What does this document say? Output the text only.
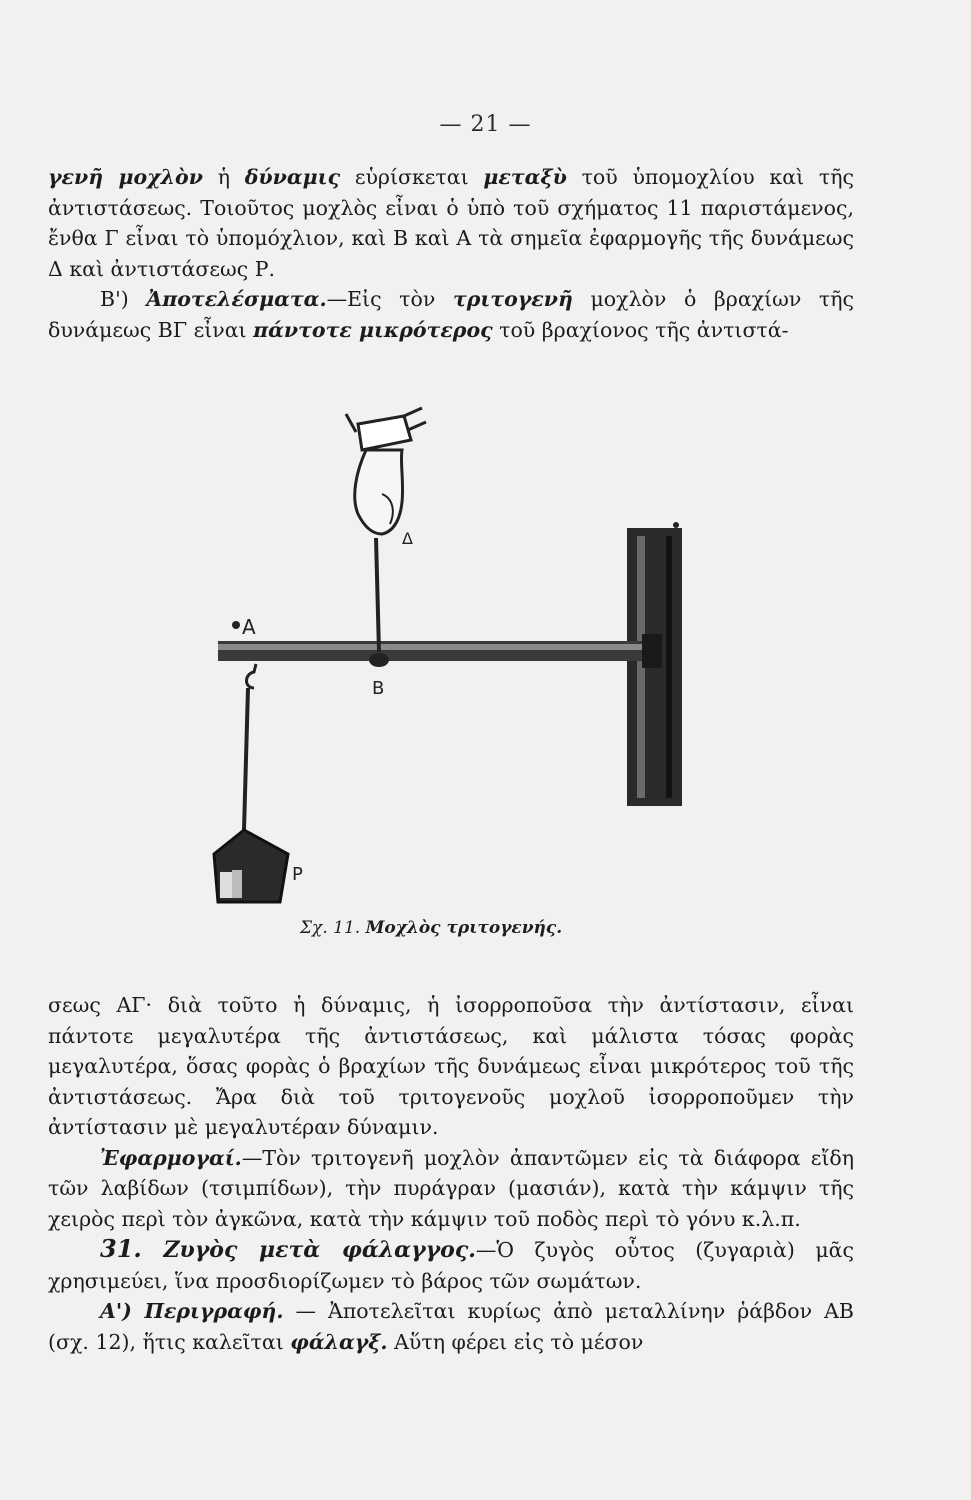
— 21 —

γενῆ μοχλὸν ἡ δύναμις εὑρίσκεται μεταξὺ τοῦ ὑπομοχλίου καὶ τῆς ἀντιστάσεως. Τοιοῦτος μοχλὸς εἶναι ὁ ὑπὸ τοῦ σχήματος 11 παριστάμενος, ἔνθα Γ εἶναι τὸ ὑπομόχλιον, καὶ Β καὶ Α τὰ σημεῖα ἐφαρμογῆς τῆς δυνάμεως Δ καὶ ἀντιστάσεως Ρ.

Β') Ἀποτελέσματα.—Εἰς τὸν τριτογενῆ μοχλὸν ὁ βραχίων τῆς δυνάμεως ΒΓ εἶναι πάντοτε μικρότερος τοῦ βραχίονος τῆς ἀντιστά-

A
B
Δ
P
Σχ. 11. Μοχλὸς τριτογενής.

σεως ΑΓ· διὰ τοῦτο ἡ δύναμις, ἡ ἰσορροποῦσα τὴν ἀντίστασιν, εἶναι πάντοτε μεγαλυτέρα τῆς ἀντιστάσεως, καὶ μάλιστα τόσας φορὰς μεγαλυτέρα, ὅσας φορὰς ὁ βραχίων τῆς δυνάμεως εἶναι μικρότερος τοῦ τῆς ἀντιστάσεως. Ἄρα διὰ τοῦ τριτογενοῦς μοχλοῦ ἰσορροποῦμεν τὴν ἀντίστασιν μὲ μεγαλυτέραν δύναμιν.

Ἐφαρμογαί.—Τὸν τριτογενῆ μοχλὸν ἀπαντῶμεν εἰς τὰ διάφορα εἴδη τῶν λαβίδων (τσιμπίδων), τὴν πυράγραν (μασιάν), κατὰ τὴν κάμψιν τῆς χειρὸς περὶ τὸν ἀγκῶνα, κατὰ τὴν κάμψιν τοῦ ποδὸς περὶ τὸ γόνυ κ.λ.π.

31. Ζυγὸς μετὰ φάλαγγος.—Ὁ ζυγὸς οὗτος (ζυγαριὰ) μᾶς χρησιμεύει, ἵνα προσδιορίζωμεν τὸ βάρος τῶν σωμάτων.

Α') Περιγραφή. — Ἀποτελεῖται κυρίως ἀπὸ μεταλλίνην ῥάβδον ΑΒ (σχ. 12), ἥτις καλεῖται φάλαγξ. Αὕτη φέρει εἰς τὸ μέσον
